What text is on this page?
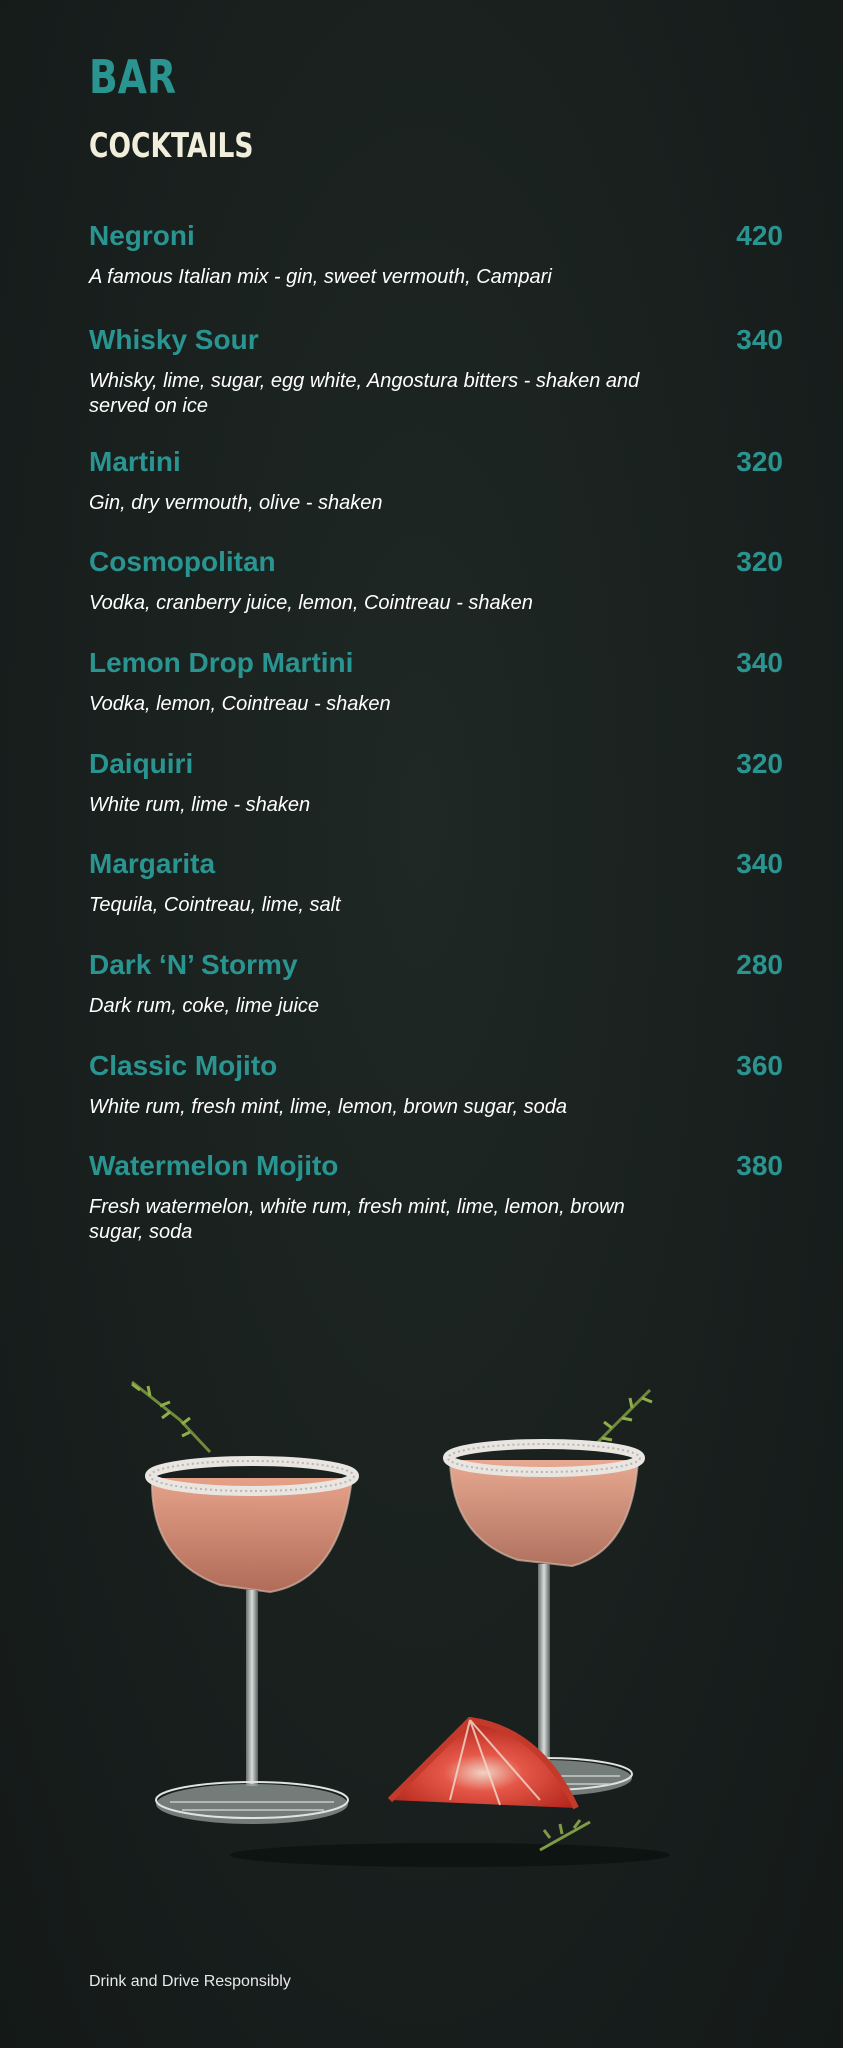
BAR
COCKTAILS
Negroni	420
A famous Italian mix - gin, sweet vermouth, Campari
Whisky Sour	340
Whisky, lime, sugar, egg white, Angostura bitters - shaken and served on ice
Martini	320
Gin, dry vermouth, olive - shaken
Cosmopolitan	320
Vodka, cranberry juice, lemon, Cointreau - shaken
Lemon Drop Martini	340
Vodka, lemon, Cointreau - shaken
Daiquiri	320
White rum, lime - shaken
Margarita	340
Tequila, Cointreau, lime, salt
Dark ‘N’ Stormy	280
Dark rum, coke, lime juice
Classic Mojito	360
White rum, fresh mint, lime, lemon, brown sugar, soda
Watermelon Mojito	380
Fresh watermelon, white rum, fresh mint, lime, lemon, brown sugar, soda
Drink and Drive Responsibly
